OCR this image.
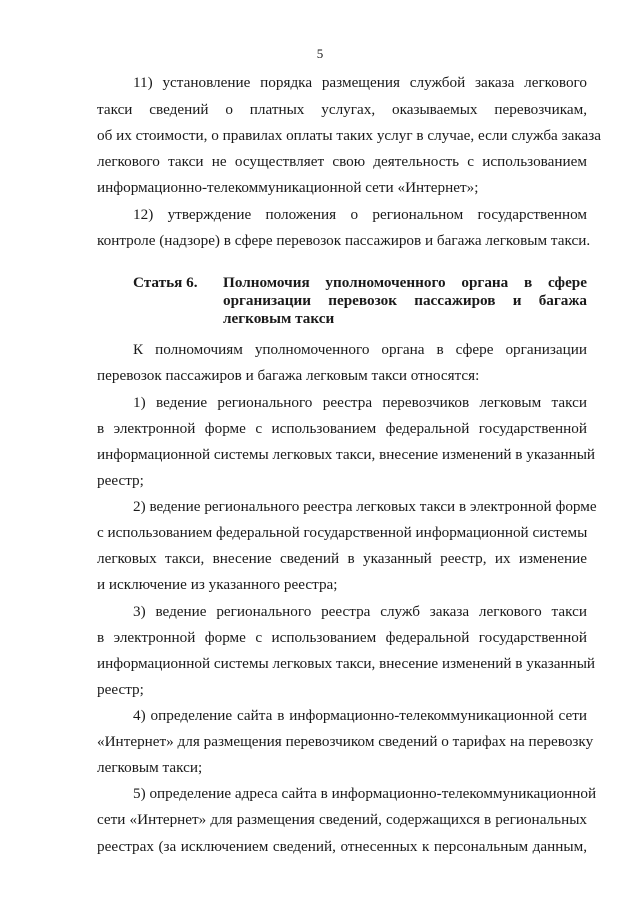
5
11) установление порядка размещения службой заказа легкового
такси сведений о платных услугах, оказываемых перевозчикам,
об их стоимости, о правилах оплаты таких услуг в случае, если служба заказа
легкового такси не осуществляет свою деятельность с использованием
информационно-телекоммуникационной сети «Интернет»;
12) утверждение положения о региональном государственном
контроле (надзоре) в сфере перевозок пассажиров и багажа легковым такси.
Статья 6. Полномочия уполномоченного органа в сфере
организации перевозок пассажиров и багажа
легковым такси
К полномочиям уполномоченного органа в сфере организации
перевозок пассажиров и багажа легковым такси относятся:
1) ведение регионального реестра перевозчиков легковым такси
в электронной форме с использованием федеральной государственной
информационной системы легковых такси, внесение изменений в указанный
реестр;
2) ведение регионального реестра легковых такси в электронной форме
с использованием федеральной государственной информационной системы
легковых такси, внесение сведений в указанный реестр, их изменение
и исключение из указанного реестра;
3) ведение регионального реестра служб заказа легкового такси
в электронной форме с использованием федеральной государственной
информационной системы легковых такси, внесение изменений в указанный
реестр;
4) определение сайта в информационно-телекоммуникационной сети
«Интернет» для размещения перевозчиком сведений о тарифах на перевозку
легковым такси;
5) определение адреса сайта в информационно-телекоммуникационной
сети «Интернет» для размещения сведений, содержащихся в региональных
реестрах (за исключением сведений, отнесенных к персональным данным,
